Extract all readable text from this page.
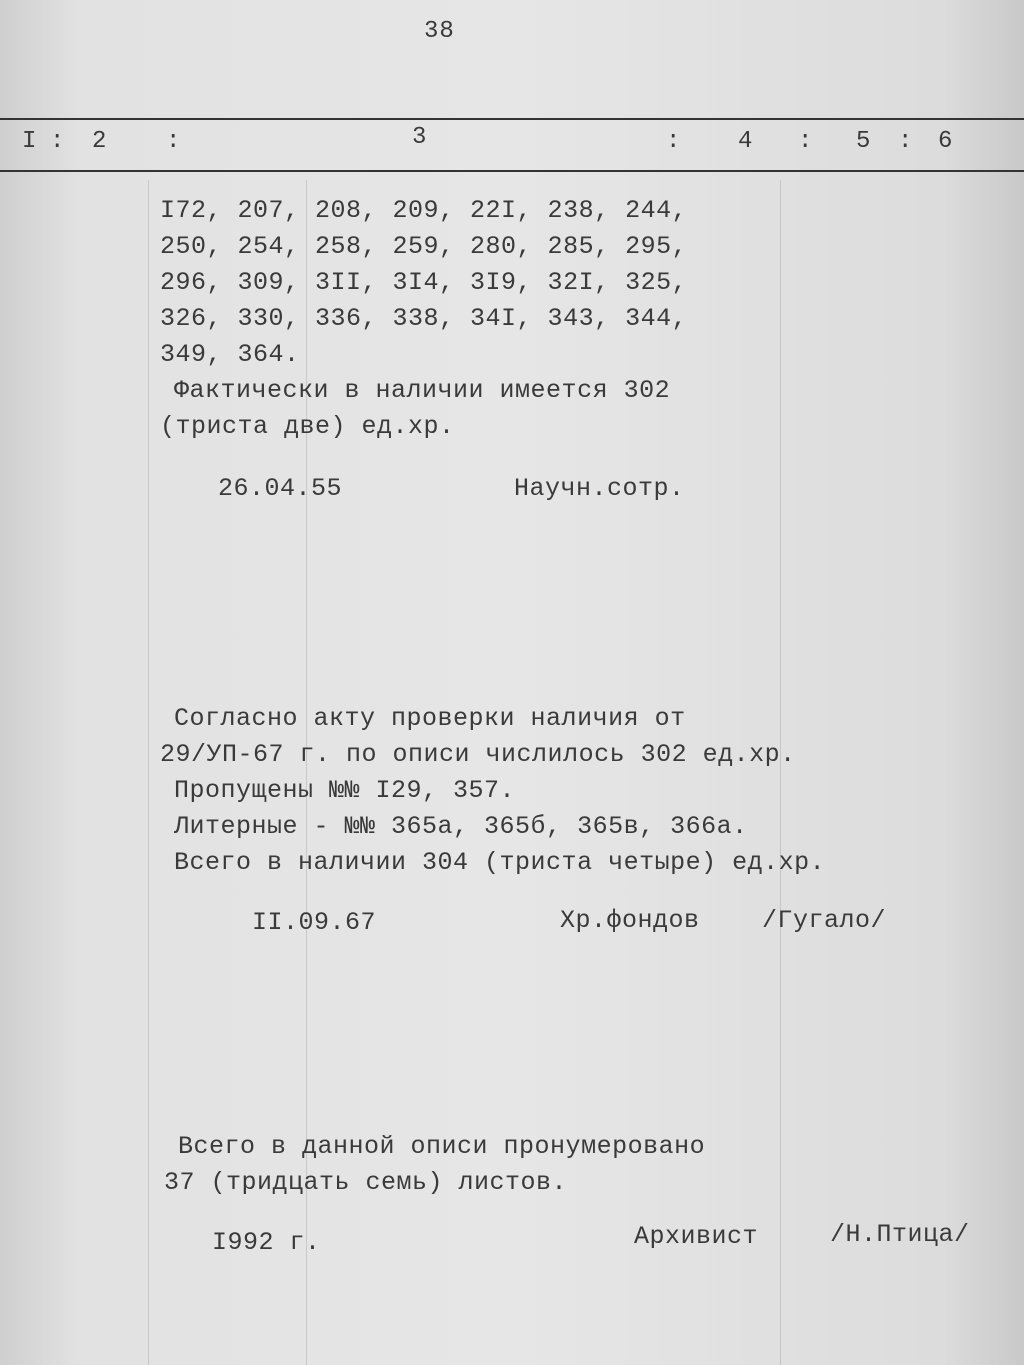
38
I : 2 :	3	: 4 : 5 : 6
I72, 207, 208, 209, 22I, 238, 244,
250, 254, 258, 259, 280, 285, 295,
296, 309, 3II, 3I4, 3I9, 32I, 325,
326, 330, 336, 338, 34I, 343, 344,
349, 364.
Фактически в наличии имеется 302
(триста две) ед.хр.
26.04.55	Научн.сотр.
Согласно акту проверки наличия от
29/УП-67 г. по описи числилось 302 ед.хр.
Пропущены №№ I29, 357.
Литерные - №№ 365а, 365б, 365в, 366а.
Всего в наличии 304 (триста четыре) ед.хр.
II.09.67	Хр.фондов /Гугало/
Всего в данной описи пронумеровано
37 (тридцать семь) листов.
I992 г.	Архивист	/Н.Птица/
